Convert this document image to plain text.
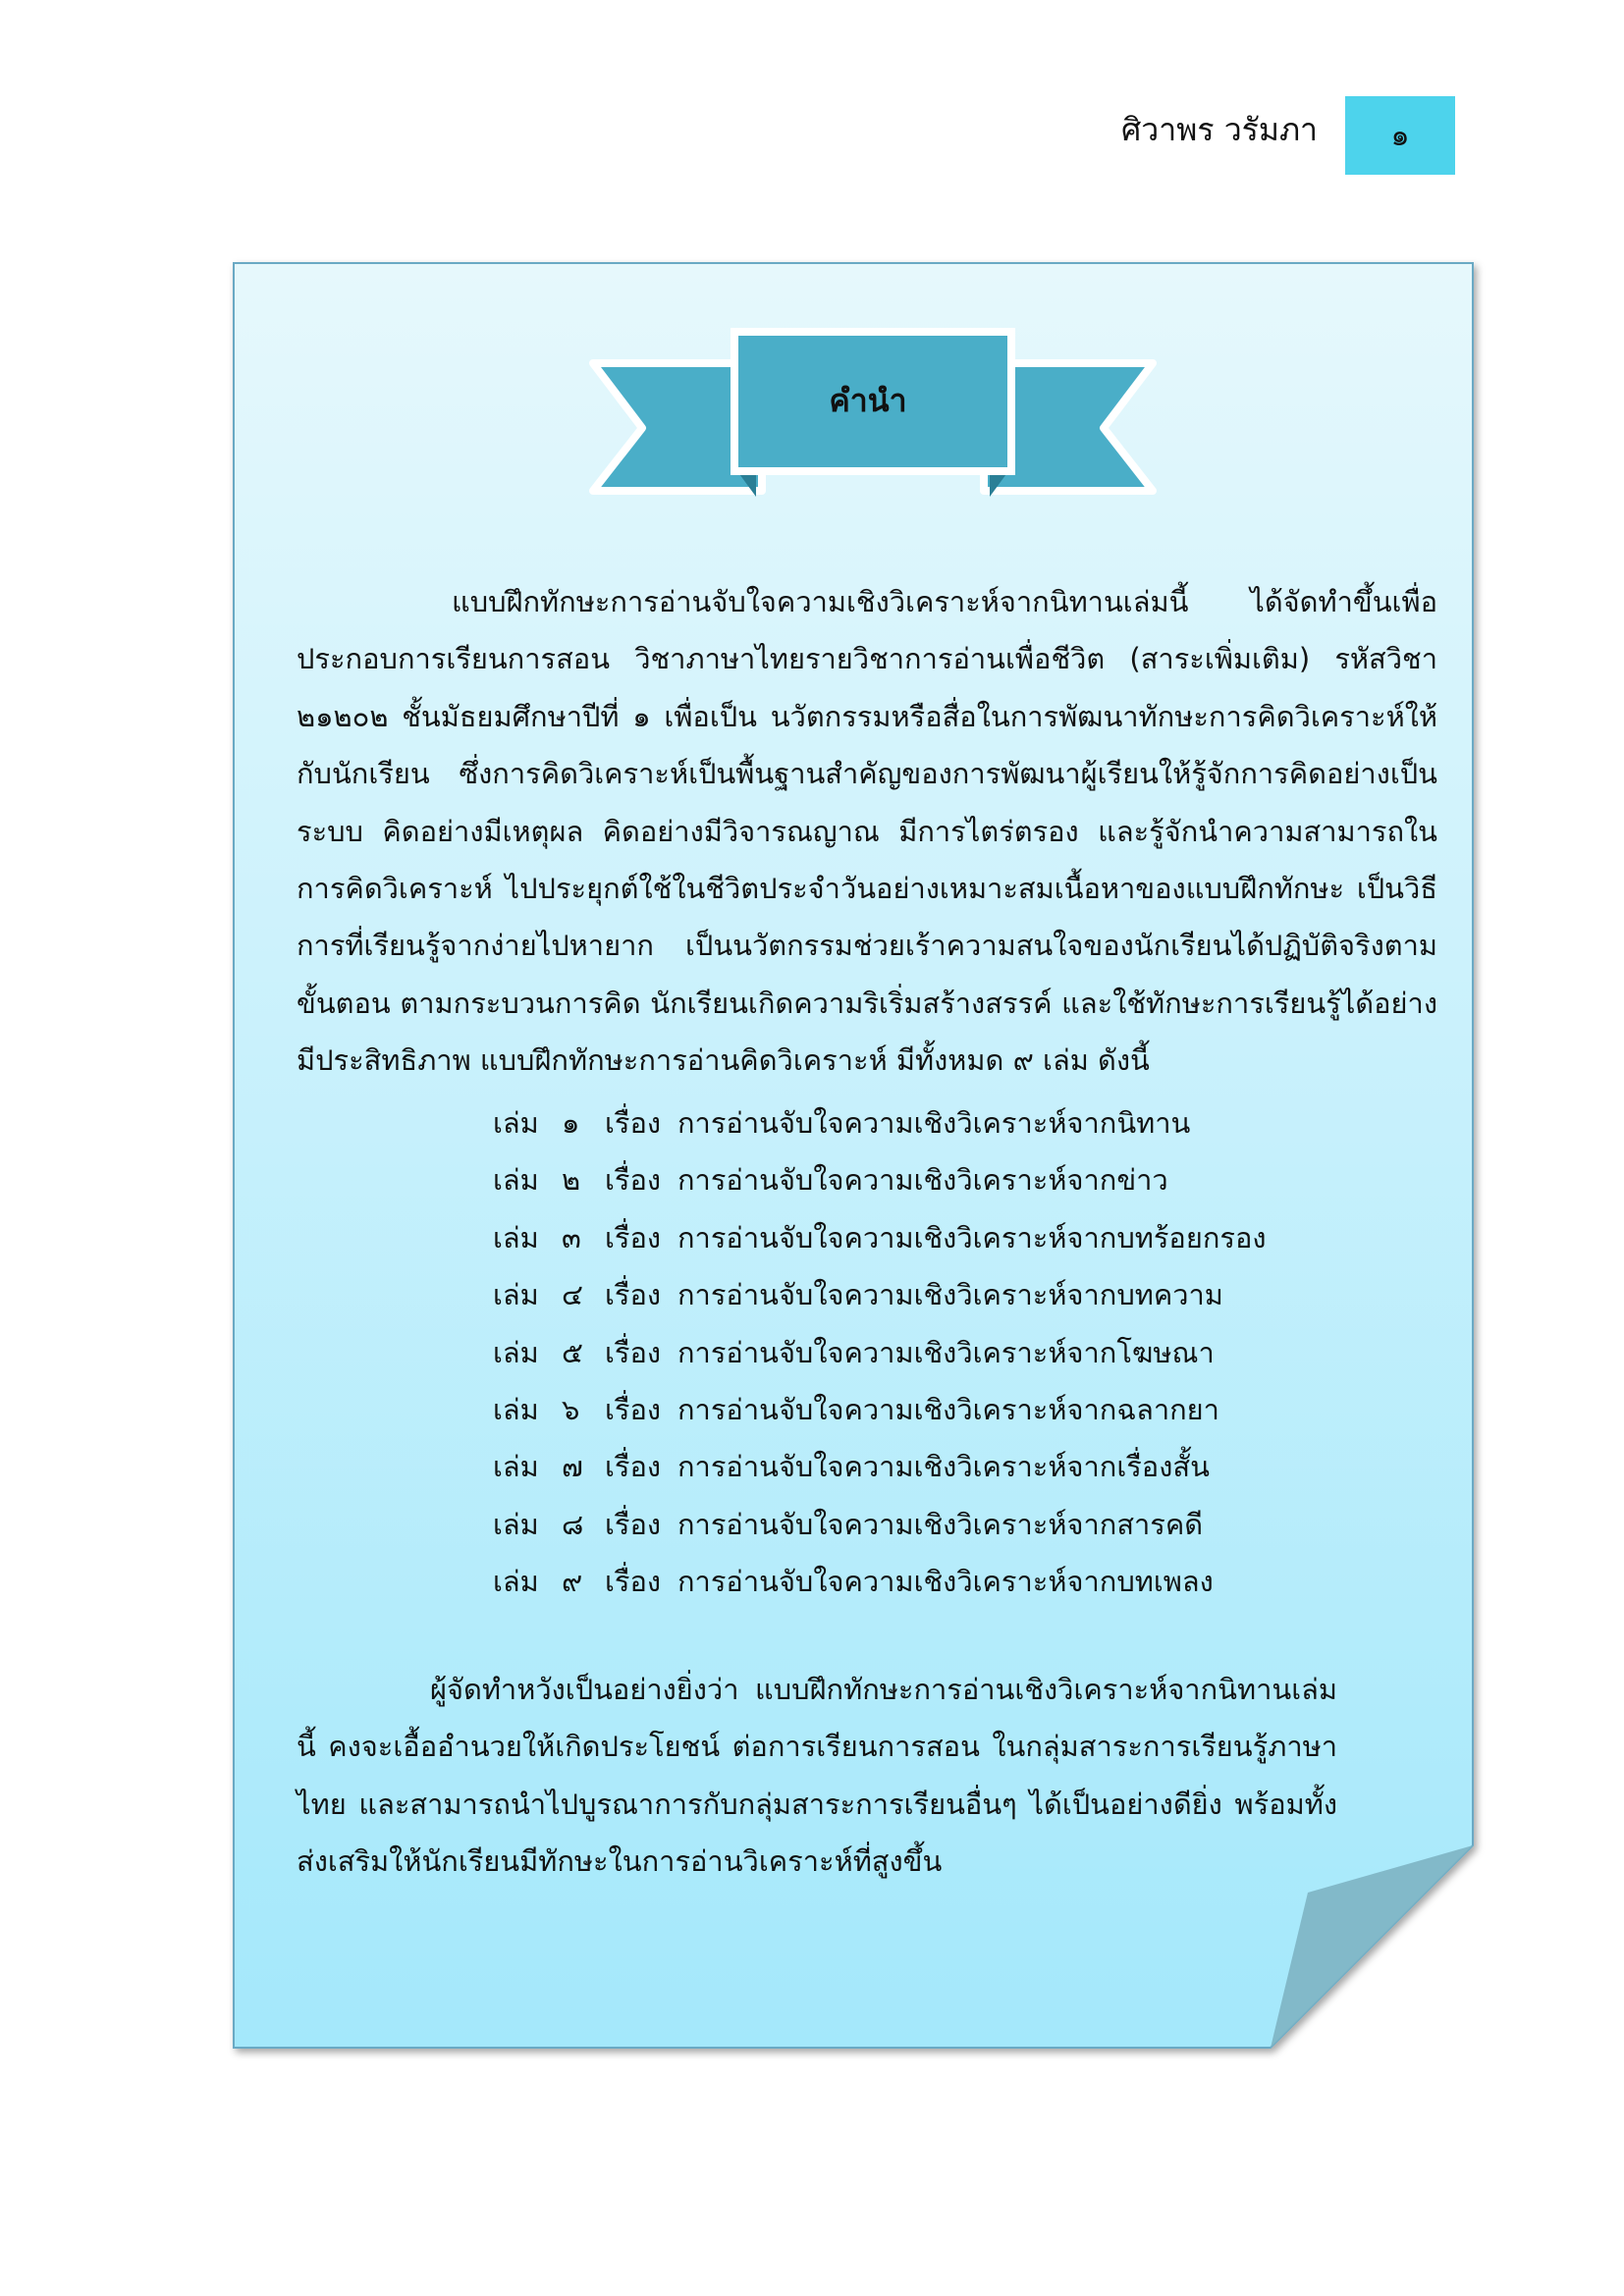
ศิวาพร วรัมภา	๑
คำนำ

แบบฝึกทักษะการอ่านจับใจความเชิงวิเคราะห์จากนิทานเล่มนี้ ได้จัดทำขึ้นเพื่อประกอบการเรียนการสอน วิชาภาษาไทยรายวิชาการอ่านเพื่อชีวิต (สาระเพิ่มเติม) รหัสวิชา ๒๑๒๐๒ ชั้นมัธยมศึกษาปีที่ ๑ เพื่อเป็น นวัตกรรมหรือสื่อในการพัฒนาทักษะการคิดวิเคราะห์ให้กับนักเรียน ซึ่งการคิดวิเคราะห์เป็นพื้นฐานสำคัญของการพัฒนาผู้เรียนให้รู้จักการคิดอย่างเป็นระบบ คิดอย่างมีเหตุผล คิดอย่างมีวิจารณญาณ มีการไตร่ตรอง และรู้จักนำความสามารถในการคิดวิเคราะห์ ไปประยุกต์ใช้ในชีวิตประจำวันอย่างเหมาะสมเนื้อหาของแบบฝึกทักษะ เป็นวิธีการที่เรียนรู้จากง่ายไปหายาก เป็นนวัตกรรมช่วยเร้าความสนใจของนักเรียนได้ปฏิบัติจริงตามขั้นตอน ตามกระบวนการคิด นักเรียนเกิดความริเริ่มสร้างสรรค์ และใช้ทักษะการเรียนรู้ได้อย่างมีประสิทธิภาพ แบบฝึกทักษะการอ่านคิดวิเคราะห์ มีทั้งหมด ๙ เล่ม ดังนี้

เล่ม ๑ เรื่อง การอ่านจับใจความเชิงวิเคราะห์จากนิทาน
เล่ม ๒ เรื่อง การอ่านจับใจความเชิงวิเคราะห์จากข่าว
เล่ม ๓ เรื่อง การอ่านจับใจความเชิงวิเคราะห์จากบทร้อยกรอง
เล่ม ๔ เรื่อง การอ่านจับใจความเชิงวิเคราะห์จากบทความ
เล่ม ๕ เรื่อง การอ่านจับใจความเชิงวิเคราะห์จากโฆษณา
เล่ม ๖ เรื่อง การอ่านจับใจความเชิงวิเคราะห์จากฉลากยา
เล่ม ๗ เรื่อง การอ่านจับใจความเชิงวิเคราะห์จากเรื่องสั้น
เล่ม ๘ เรื่อง การอ่านจับใจความเชิงวิเคราะห์จากสารคดี
เล่ม ๙ เรื่อง การอ่านจับใจความเชิงวิเคราะห์จากบทเพลง

ผู้จัดทำหวังเป็นอย่างยิ่งว่า แบบฝึกทักษะการอ่านเชิงวิเคราะห์จากนิทานเล่มนี้ คงจะเอื้ออำนวยให้เกิดประโยชน์ ต่อการเรียนการสอน ในกลุ่มสาระการเรียนรู้ภาษาไทย และสามารถนำไปบูรณาการกับกลุ่มสาระการเรียนอื่นๆ ได้เป็นอย่างดียิ่ง พร้อมทั้งส่งเสริมให้นักเรียนมีทักษะในการอ่านวิเคราะห์ที่สูงขึ้น
